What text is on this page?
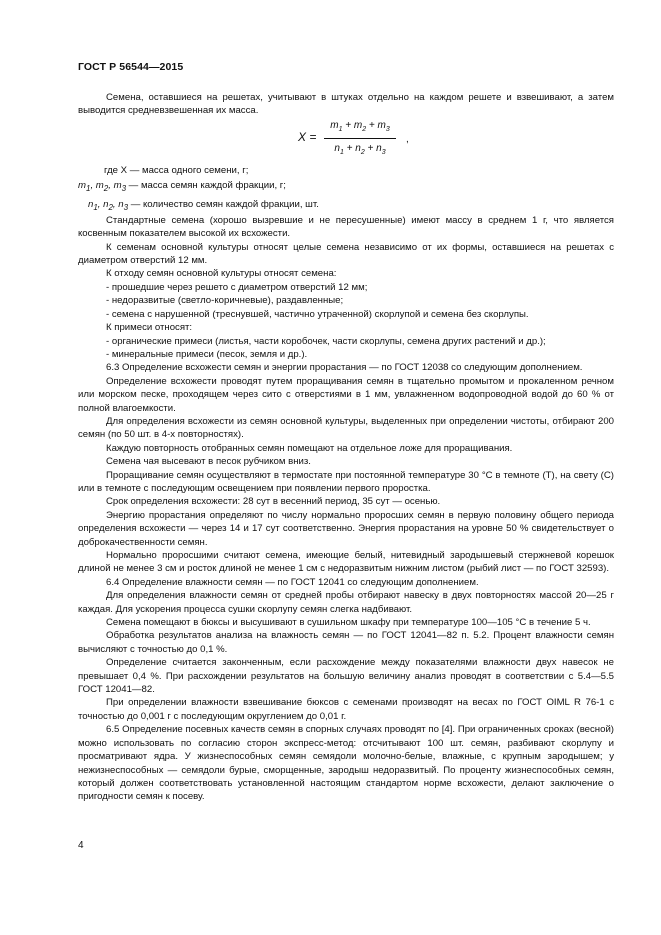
ГОСТ Р 56544—2015

Семена, оставшиеся на решетах, учитывают в штуках отдельно на каждом решете и взвешивают, а затем выводится средневзвешенная их масса.

$X = \frac{m_1 + m_2 + m_3}{n_1 + n_2 + n_3}$ ,
где X — масса одного семени, г;
$m_1$, $m_2$, $m_3$ — масса семян каждой фракции, г;
$n_1$, $n_2$, $n_3$ — количество семян каждой фракции, шт.

Стандартные семена (хорошо вызревшие и не пересушенные) имеют массу в среднем 1 г, что является косвенным показателем высокой их всхожести.

К семенам основной культуры относят целые семена независимо от их формы, оставшиеся на решетах с диаметром отверстий 12 мм.

К отходу семян основной культуры относят семена:

- прошедшие через решето с диаметром отверстий 12 мм;

- недоразвитые (светло-коричневые), раздавленные;

- семена с нарушенной (треснувшей, частично утраченной) скорлупой и семена без скорлупы.

К примеси относят:

- органические примеси (листья, части коробочек, части скорлупы, семена других растений и др.);

- минеральные примеси (песок, земля и др.).

6.3 Определение всхожести семян и энергии прорастания — по ГОСТ 12038 со следующим дополнением.

Определение всхожести проводят путем проращивания семян в тщательно промытом и прокаленном речном или морском песке, проходящем через сито с отверстиями в 1 мм, увлажненном водопроводной водой до 60 % от полной влагоемкости.

Для определения всхожести из семян основной культуры, выделенных при определении чистоты, отбирают 200 семян (по 50 шт. в 4-х повторностях).

Каждую повторность отобранных семян помещают на отдельное ложе для проращивания.

Семена чая высевают в песок рубчиком вниз.

Проращивание семян осуществляют в термостате при постоянной температуре 30 °С в темноте (Т), на свету (С) или в темноте с последующим освещением при появлении первого проростка.

Срок определения всхожести: 28 сут в весенний период, 35 сут — осенью.

Энергию прорастания определяют по числу нормально проросших семян в первую половину общего периода определения всхожести — через 14 и 17 сут соответственно. Энергия прорастания на уровне 50 % свидетельствует о доброкачественности семян.

Нормально проросшими считают семена, имеющие белый, нитевидный зародышевый стержневой корешок длиной не менее 3 см и росток длиной не менее 1 см с недоразвитым нижним листом (рыбий лист — по ГОСТ 32593).

6.4 Определение влажности семян — по ГОСТ 12041 со следующим дополнением.

Для определения влажности семян от средней пробы отбирают навеску в двух повторностях массой 20—25 г каждая. Для ускорения процесса сушки скорлупу семян слегка надбивают.

Семена помещают в бюксы и высушивают в сушильном шкафу при температуре 100—105 °С в течение 5 ч.

Обработка результатов анализа на влажность семян — по ГОСТ 12041—82 п. 5.2. Процент влажности семян вычисляют с точностью до 0,1 %.

Определение считается законченным, если расхождение между показателями влажности двух навесок не превышает 0,4 %. При расхождении результатов на большую величину анализ проводят в соответствии с 5.4—5.5 ГОСТ 12041—82.

При определении влажности взвешивание бюксов с семенами производят на весах по ГОСТ OIML R 76-1 с точностью до 0,001 г с последующим округлением до 0,01 г.

6.5 Определение посевных качеств семян в спорных случаях проводят по [4]. При ограниченных сроках (весной) можно использовать по согласию сторон экспресс-метод: отсчитывают 100 шт. семян, разбивают скорлупу и просматривают ядра. У жизнеспособных семян семядоли молочно-белые, влажные, с крупным зародышем; у нежизнеспособных — семядоли бурые, сморщенные, зародыш недоразвитый. По проценту жизнеспособных семян, который должен соответствовать установленной настоящим стандартом норме всхожести, делают заключение о пригодности семян к посеву.

4
